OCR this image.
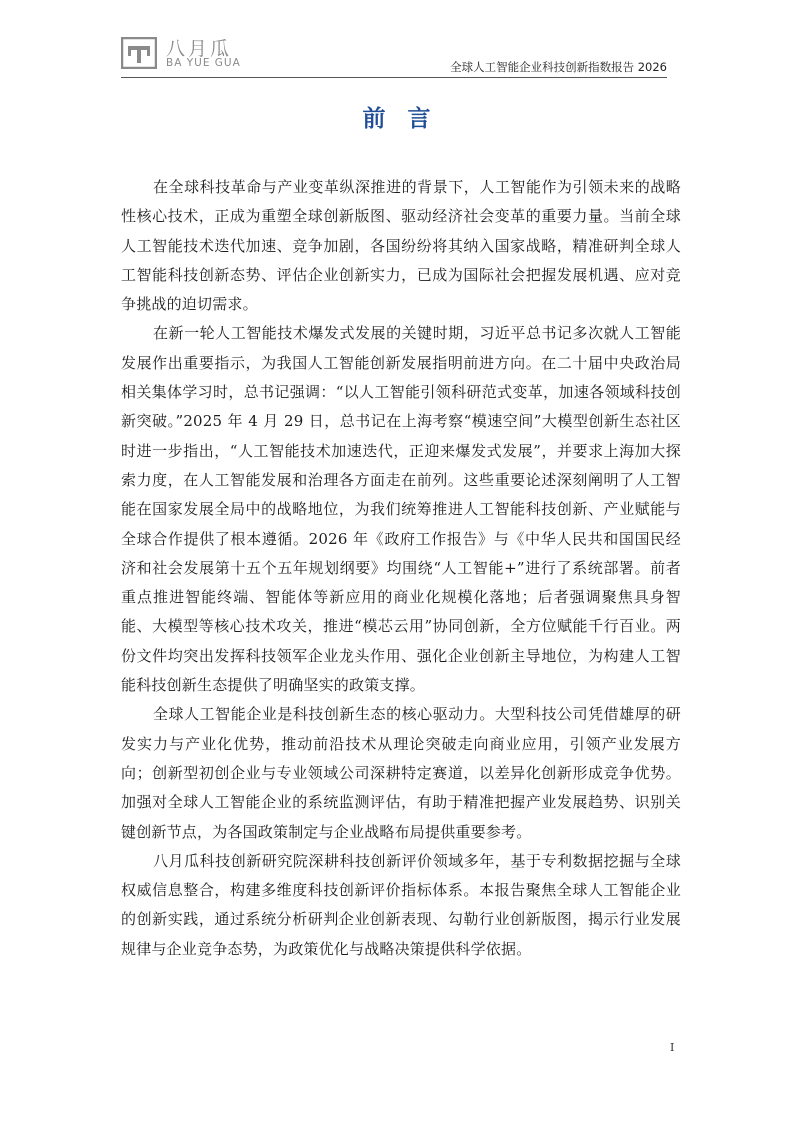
八月瓜
BA YUE GUA	全球人工智能企业科技创新指数报告 2026
前言

在全球科技革命与产业变革纵深推进的背景下，人工智能作为引领未来的战略性核心技术，正成为重塑全球创新版图、驱动经济社会变革的重要力量。当前全球人工智能技术迭代加速、竞争加剧，各国纷纷将其纳入国家战略，精准研判全球人工智能科技创新态势、评估企业创新实力，已成为国际社会把握发展机遇、应对竞争挑战的迫切需求。

在新一轮人工智能技术爆发式发展的关键时期，习近平总书记多次就人工智能发展作出重要指示，为我国人工智能创新发展指明前进方向。在二十届中央政治局相关集体学习时，总书记强调：“以人工智能引领科研范式变革，加速各领域科技创新突破。”2025 年 4 月 29 日，总书记在上海考察“模速空间”大模型创新生态社区时进一步指出，“人工智能技术加速迭代，正迎来爆发式发展”，并要求上海加大探索力度，在人工智能发展和治理各方面走在前列。这些重要论述深刻阐明了人工智能在国家发展全局中的战略地位，为我们统筹推进人工智能科技创新、产业赋能与全球合作提供了根本遵循。2026 年《政府工作报告》与《中华人民共和国国民经济和社会发展第十五个五年规划纲要》均围绕“人工智能+”进行了系统部署。前者重点推进智能终端、智能体等新应用的商业化规模化落地；后者强调聚焦具身智能、大模型等核心技术攻关，推进“模芯云用”协同创新，全方位赋能千行百业。两份文件均突出发挥科技领军企业龙头作用、强化企业创新主导地位，为构建人工智能科技创新生态提供了明确坚实的政策支撑。

全球人工智能企业是科技创新生态的核心驱动力。大型科技公司凭借雄厚的研发实力与产业化优势，推动前沿技术从理论突破走向商业应用，引领产业发展方向；创新型初创企业与专业领域公司深耕特定赛道，以差异化创新形成竞争优势。加强对全球人工智能企业的系统监测评估，有助于精准把握产业发展趋势、识别关键创新节点，为各国政策制定与企业战略布局提供重要参考。

八月瓜科技创新研究院深耕科技创新评价领域多年，基于专利数据挖掘与全球权威信息整合，构建多维度科技创新评价指标体系。本报告聚焦全球人工智能企业的创新实践，通过系统分析研判企业创新表现、勾勒行业创新版图，揭示行业发展规律与企业竞争态势，为政策优化与战略决策提供科学依据。

I
